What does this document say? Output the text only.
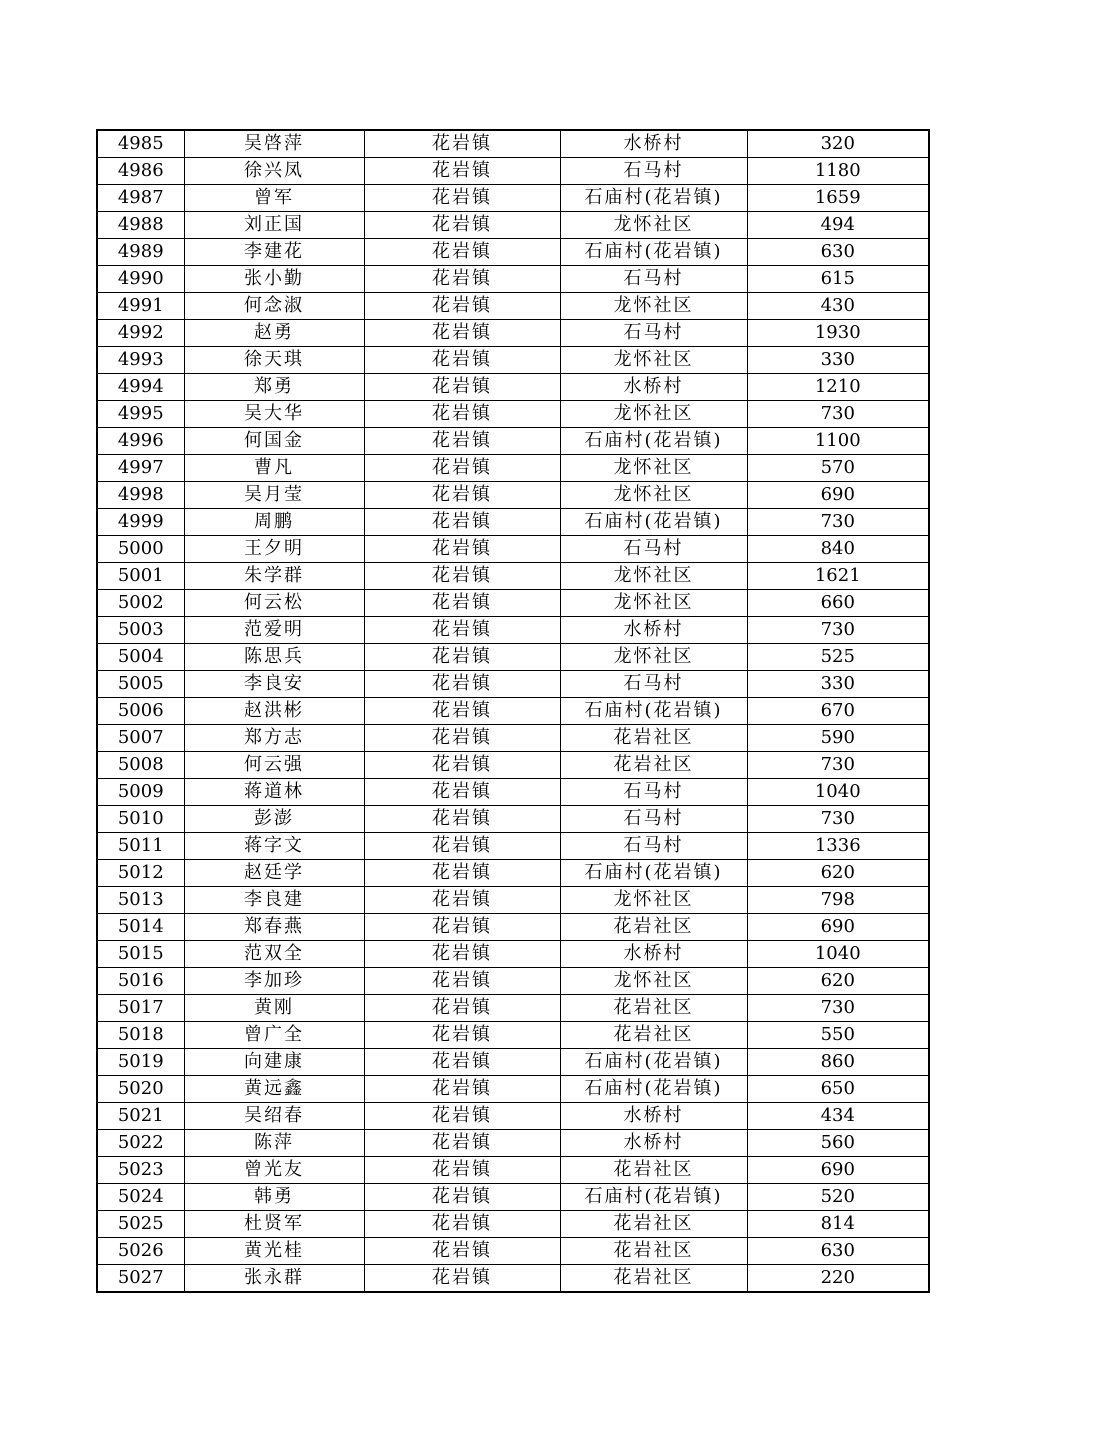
4985	吴啓萍	花岩镇	水桥村	320
4986	徐兴凤	花岩镇	石马村	1180
4987	曾军	花岩镇	石庙村(花岩镇)	1659
4988	刘正国	花岩镇	龙怀社区	494
4989	李建花	花岩镇	石庙村(花岩镇)	630
4990	张小勤	花岩镇	石马村	615
4991	何念淑	花岩镇	龙怀社区	430
4992	赵勇	花岩镇	石马村	1930
4993	徐天琪	花岩镇	龙怀社区	330
4994	郑勇	花岩镇	水桥村	1210
4995	吴大华	花岩镇	龙怀社区	730
4996	何国金	花岩镇	石庙村(花岩镇)	1100
4997	曹凡	花岩镇	龙怀社区	570
4998	吴月莹	花岩镇	龙怀社区	690
4999	周鹏	花岩镇	石庙村(花岩镇)	730
5000	王夕明	花岩镇	石马村	840
5001	朱学群	花岩镇	龙怀社区	1621
5002	何云松	花岩镇	龙怀社区	660
5003	范爱明	花岩镇	水桥村	730
5004	陈思兵	花岩镇	龙怀社区	525
5005	李良安	花岩镇	石马村	330
5006	赵洪彬	花岩镇	石庙村(花岩镇)	670
5007	郑方志	花岩镇	花岩社区	590
5008	何云强	花岩镇	花岩社区	730
5009	蒋道林	花岩镇	石马村	1040
5010	彭澎	花岩镇	石马村	730
5011	蒋字文	花岩镇	石马村	1336
5012	赵廷学	花岩镇	石庙村(花岩镇)	620
5013	李良建	花岩镇	龙怀社区	798
5014	郑春燕	花岩镇	花岩社区	690
5015	范双全	花岩镇	水桥村	1040
5016	李加珍	花岩镇	龙怀社区	620
5017	黄刚	花岩镇	花岩社区	730
5018	曾广全	花岩镇	花岩社区	550
5019	向建康	花岩镇	石庙村(花岩镇)	860
5020	黄远鑫	花岩镇	石庙村(花岩镇)	650
5021	吴绍春	花岩镇	水桥村	434
5022	陈萍	花岩镇	水桥村	560
5023	曾光友	花岩镇	花岩社区	690
5024	韩勇	花岩镇	石庙村(花岩镇)	520
5025	杜贤军	花岩镇	花岩社区	814
5026	黄光桂	花岩镇	花岩社区	630
5027	张永群	花岩镇	花岩社区	220
